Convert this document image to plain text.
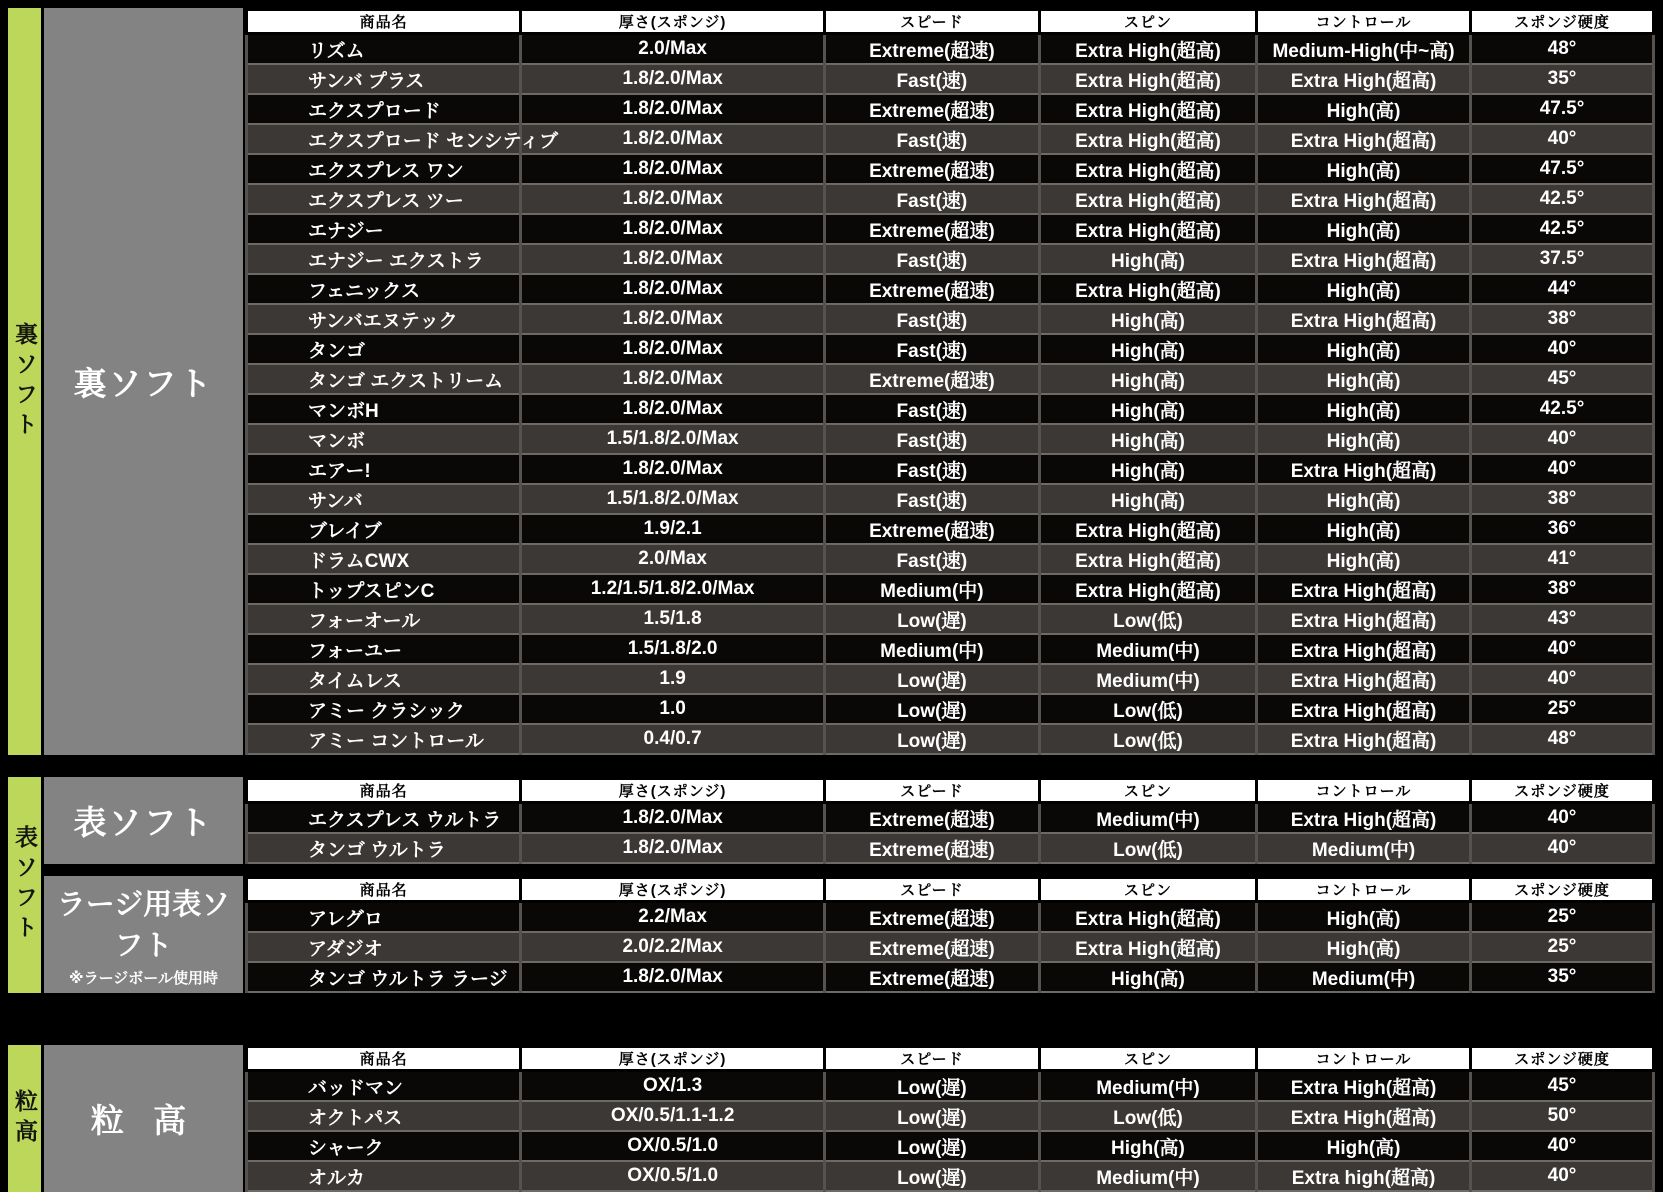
裏ソフト 裏ソフト
商品名	厚さ(スポンジ)	スピード	スピン	コントロール	スポンジ硬度
リズム	2.0/Max	Extreme(超速)	Extra High(超高)	Medium-High(中~高)	48°
サンバ プラス	1.8/2.0/Max	Fast(速)	Extra High(超高)	Extra High(超高)	35°
エクスプロード	1.8/2.0/Max	Extreme(超速)	Extra High(超高)	High(高)	47.5°
エクスプロード センシティブ	1.8/2.0/Max	Fast(速)	Extra High(超高)	Extra High(超高)	40°
エクスプレス ワン	1.8/2.0/Max	Extreme(超速)	Extra High(超高)	High(高)	47.5°
エクスプレス ツー	1.8/2.0/Max	Fast(速)	Extra High(超高)	Extra High(超高)	42.5°
エナジー	1.8/2.0/Max	Extreme(超速)	Extra High(超高)	High(高)	42.5°
エナジー エクストラ	1.8/2.0/Max	Fast(速)	High(高)	Extra High(超高)	37.5°
フェニックス	1.8/2.0/Max	Extreme(超速)	Extra High(超高)	High(高)	44°
サンバエヌテック	1.8/2.0/Max	Fast(速)	High(高)	Extra High(超高)	38°
タンゴ	1.8/2.0/Max	Fast(速)	High(高)	High(高)	40°
タンゴ エクストリーム	1.8/2.0/Max	Extreme(超速)	High(高)	High(高)	45°
マンボH	1.8/2.0/Max	Fast(速)	High(高)	High(高)	42.5°
マンボ	1.5/1.8/2.0/Max	Fast(速)	High(高)	High(高)	40°
エアー!	1.8/2.0/Max	Fast(速)	High(高)	Extra High(超高)	40°
サンバ	1.5/1.8/2.0/Max	Fast(速)	High(高)	High(高)	38°
ブレイブ	1.9/2.1	Extreme(超速)	Extra High(超高)	High(高)	36°
ドラムCWX	2.0/Max	Fast(速)	Extra High(超高)	High(高)	41°
トップスピンC	1.2/1.5/1.8/2.0/Max	Medium(中)	Extra High(超高)	Extra High(超高)	38°
フォーオール	1.5/1.8	Low(遅)	Low(低)	Extra High(超高)	43°
フォーユー	1.5/1.8/2.0	Medium(中)	Medium(中)	Extra High(超高)	40°
タイムレス	1.9	Low(遅)	Medium(中)	Extra High(超高)	40°
アミー クラシック	1.0	Low(遅)	Low(低)	Extra High(超高)	25°
アミー コントロール	0.4/0.7	Low(遅)	Low(低)	Extra High(超高)	48°
表ソフト
表ソフト
商品名	厚さ(スポンジ)	スピード	スピン	コントロール	スポンジ硬度
エクスプレス ウルトラ	1.8/2.0/Max	Extreme(超速)	Medium(中)	Extra High(超高)	40°
タンゴ ウルトラ	1.8/2.0/Max	Extreme(超速)	Low(低)	Medium(中)	40°
ラージ用表ソフト
※ラージボール使用時
商品名	厚さ(スポンジ)	スピード	スピン	コントロール	スポンジ硬度
アレグロ	2.2/Max	Extreme(超速)	Extra High(超高)	High(高)	25°
アダジオ	2.0/2.2/Max	Extreme(超速)	Extra High(超高)	High(高)	25°
タンゴ ウルトラ ラージ	1.8/2.0/Max	Extreme(超速)	High(高)	Medium(中)	35°
粒高 粒 高
商品名	厚さ(スポンジ)	スピード	スピン	コントロール	スポンジ硬度
バッドマン	OX/1.3	Low(遅)	Medium(中)	Extra High(超高)	45°
オクトパス	OX/0.5/1.1-1.2	Low(遅)	Low(低)	Extra High(超高)	50°
シャーク	OX/0.5/1.0	Low(遅)	High(高)	High(高)	40°
オルカ	OX/0.5/1.0	Low(遅)	Medium(中)	Extra high(超高)	40°
